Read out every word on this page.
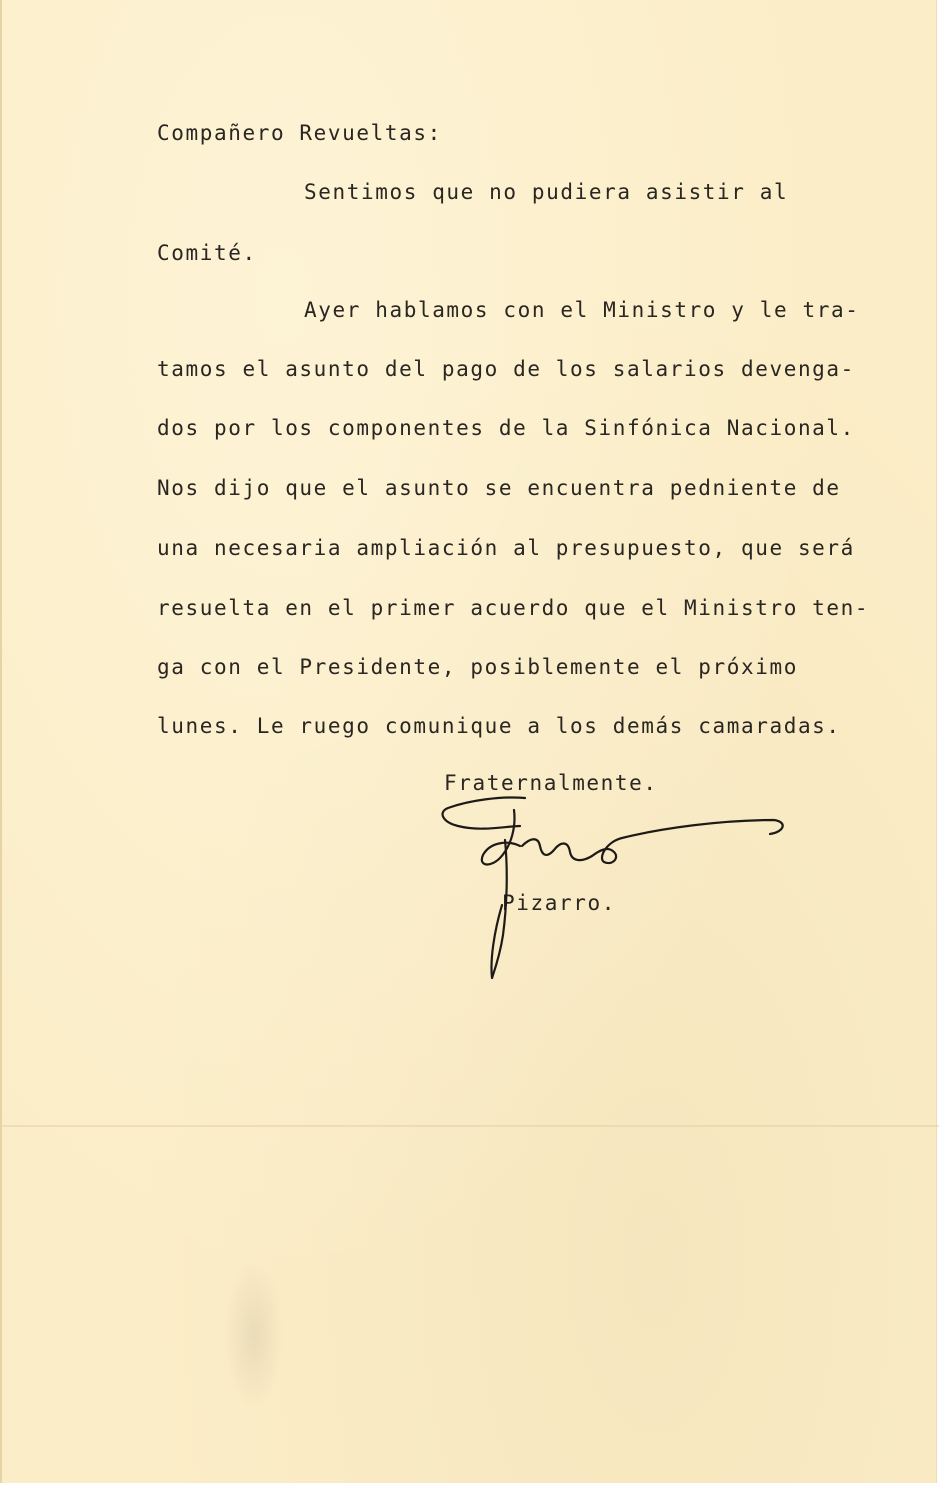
Compañero Revueltas:
Sentimos que no pudiera asistir al
Comité.
Ayer hablamos con el Ministro y le tra-
tamos el asunto del pago de los salarios devenga-
dos por los componentes de la Sinfónica Nacional.
Nos dijo que el asunto se encuentra pedniente de
una necesaria ampliación al presupuesto, que será
resuelta en el primer acuerdo que el Ministro ten-
ga con el Presidente, posiblemente el próximo
lunes. Le ruego comunique a los demás camaradas.
Fraternalmente.
Pizarro.
